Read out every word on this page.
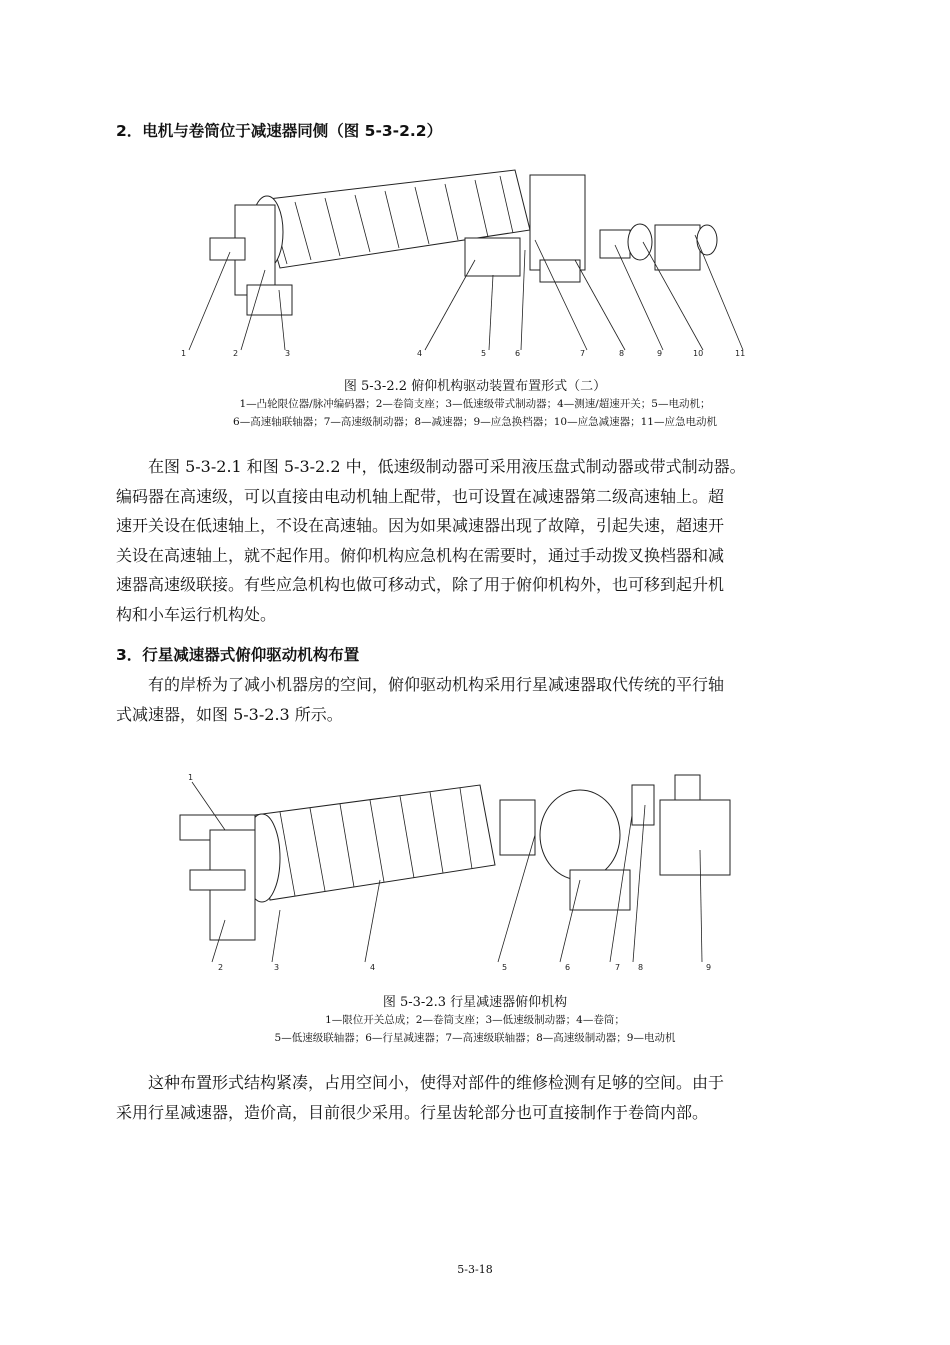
2．电机与卷筒位于减速器同侧（图 5-3-2.2）
1	2	3	4	5	6	7	8	9	10	11
图 5-3-2.2 俯仰机构驱动装置布置形式（二）
1—凸轮限位器/脉冲编码器；2—卷筒支座；3—低速级带式制动器；4—测速/超速开关；5—电动机；
6—高速轴联轴器；7—高速级制动器；8—减速器；9—应急换档器；10—应急减速器；11—应急电动机

在图 5-3-2.1 和图 5-3-2.2 中，低速级制动器可采用液压盘式制动器或带式制动器。

编码器在高速级，可以直接由电动机轴上配带，也可设置在减速器第二级高速轴上。超

速开关设在低速轴上，不设在高速轴。因为如果减速器出现了故障，引起失速，超速开

关设在高速轴上，就不起作用。俯仰机构应急机构在需要时，通过手动拨叉换档器和减

速器高速级联接。有些应急机构也做可移动式，除了用于俯仰机构外，也可移到起升机

构和小车运行机构处。

3．行星减速器式俯仰驱动机构布置

有的岸桥为了减小机器房的空间，俯仰驱动机构采用行星减速器取代传统的平行轴

式减速器，如图 5-3-2.3 所示。

1
2	3	4	5	6	7 8	9
图 5-3-2.3 行星减速器俯仰机构
1—限位开关总成；2—卷筒支座；3—低速级制动器；4—卷筒；
5—低速级联轴器；6—行星减速器；7—高速级联轴器；8—高速级制动器；9—电动机

这种布置形式结构紧凑，占用空间小，使得对部件的维修检测有足够的空间。由于

采用行星减速器，造价高，目前很少采用。行星齿轮部分也可直接制作于卷筒内部。

5-3-18
